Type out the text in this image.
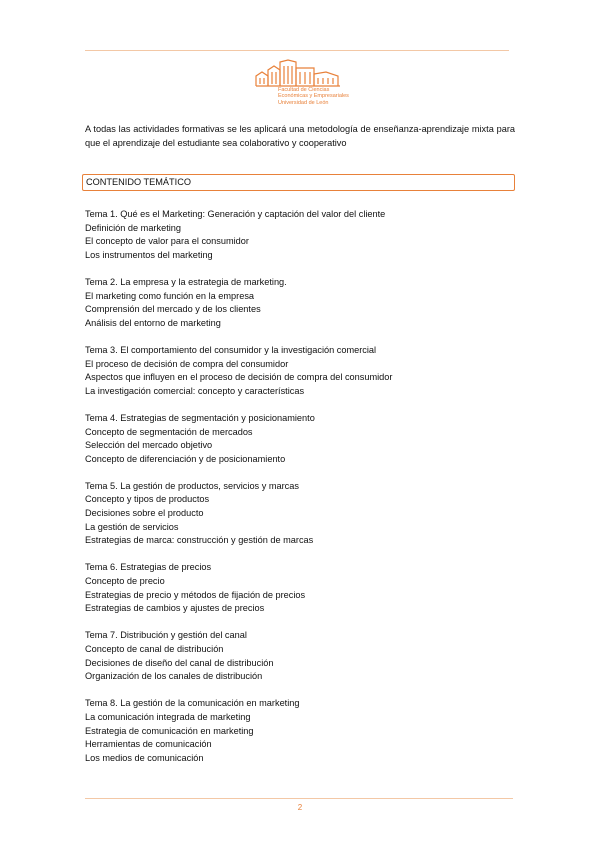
Facultad de Ciencias
Económicas y Empresariales
Universidad de León

A todas las actividades formativas se les aplicará una metodología de enseñanza-aprendizaje mixta para que el aprendizaje del estudiante sea colaborativo y cooperativo

CONTENIDO TEMÁTICO
Tema 1. Qué es el Marketing: Generación y captación del valor del cliente
Definición de marketing
El concepto de valor para el consumidor
Los instrumentos del marketing
Tema 2. La empresa y la estrategia de marketing.
El marketing como función en la empresa
Comprensión del mercado y de los clientes
Análisis del entorno de marketing
Tema 3. El comportamiento del consumidor y la investigación comercial
El proceso de decisión de compra del consumidor
Aspectos que influyen en el proceso de decisión de compra del consumidor
La investigación comercial: concepto y características
Tema 4. Estrategias de segmentación y posicionamiento
Concepto de segmentación de mercados
Selección del mercado objetivo
Concepto de diferenciación y de posicionamiento
Tema 5. La gestión de productos, servicios y marcas
Concepto y tipos de productos
Decisiones sobre el producto
La gestión de servicios
Estrategias de marca: construcción y gestión de marcas
Tema 6. Estrategias de precios
Concepto de precio
Estrategias de precio y métodos de fijación de precios
Estrategias de cambios y ajustes de precios
Tema 7. Distribución y gestión del canal
Concepto de canal de distribución
Decisiones de diseño del canal de distribución
Organización de los canales de distribución
Tema 8. La gestión de la comunicación en marketing
La comunicación integrada de marketing
Estrategia de comunicación en marketing
Herramientas de comunicación
Los medios de comunicación
2
